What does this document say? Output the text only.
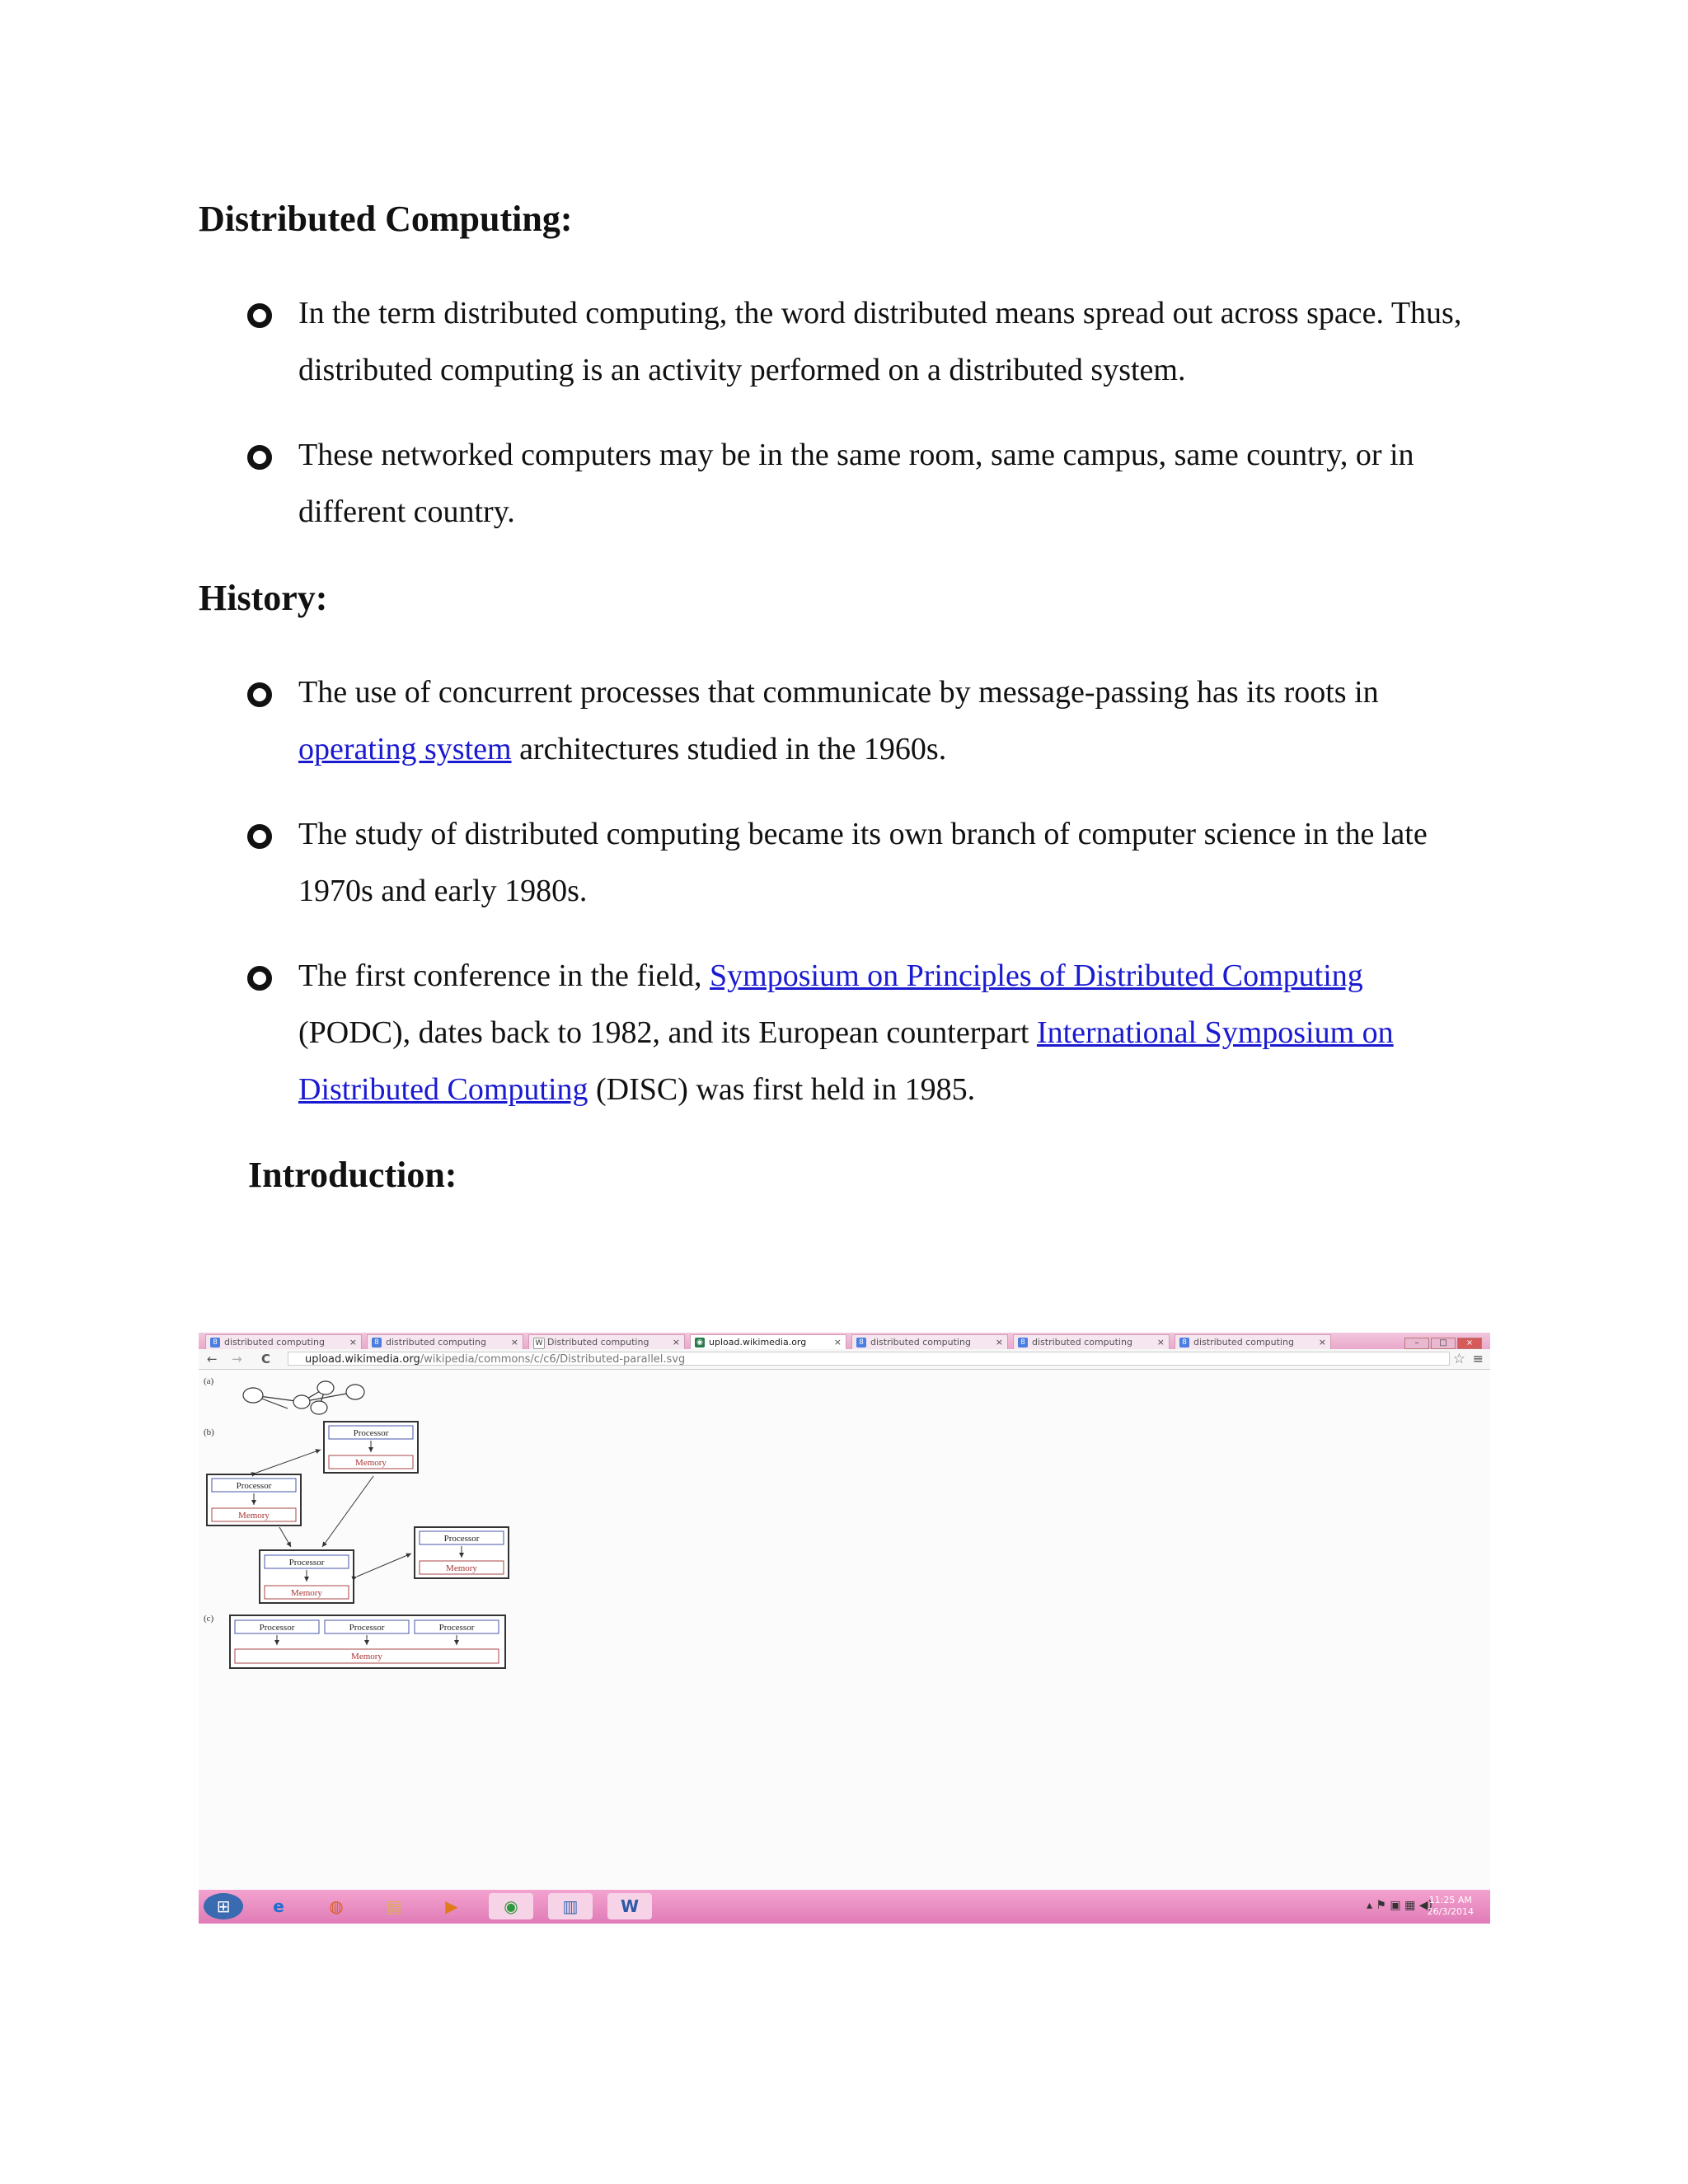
Distributed Computing:
In the term distributed computing, the word distributed means spread out across space. Thus, distributed computing is an activity performed on a distributed system.
These networked computers may be in the same room, same campus, same country, or in different country.
History:
The use of concurrent processes that communicate by message-passing has its roots in operating system architectures studied in the 1960s.
The study of distributed computing became its own branch of computer science in the late 1970s and early 1980s.
The first conference in the field, Symposium on Principles of Distributed Computing (PODC), dates back to 1982, and its European counterpart International Symposium on Distributed Computing (DISC) was first held in 1985.
Introduction:
8 distributed computing	×	8 distributed computing	× W Distributed computing	× ◉ upload.wikimedia.org	×	8 distributed computing	×	8 distributed computing	×	8 distributed computing	×	– □ ×
← → C	upload.wikimedia.org/wikipedia/commons/c/c6/Distributed-parallel.svg	☆ ≡
(a)
(b)	Processor
Memory
Processor
Memory
Processor
Memory
Processor
Memory
(c)
Processor	Processor	Processor
Memory
⊞	e	◍	▤	▶	◉	▥	W	▴ ⚑ ▣ ▦ ◀)
11:25 AM
26/3/2014
